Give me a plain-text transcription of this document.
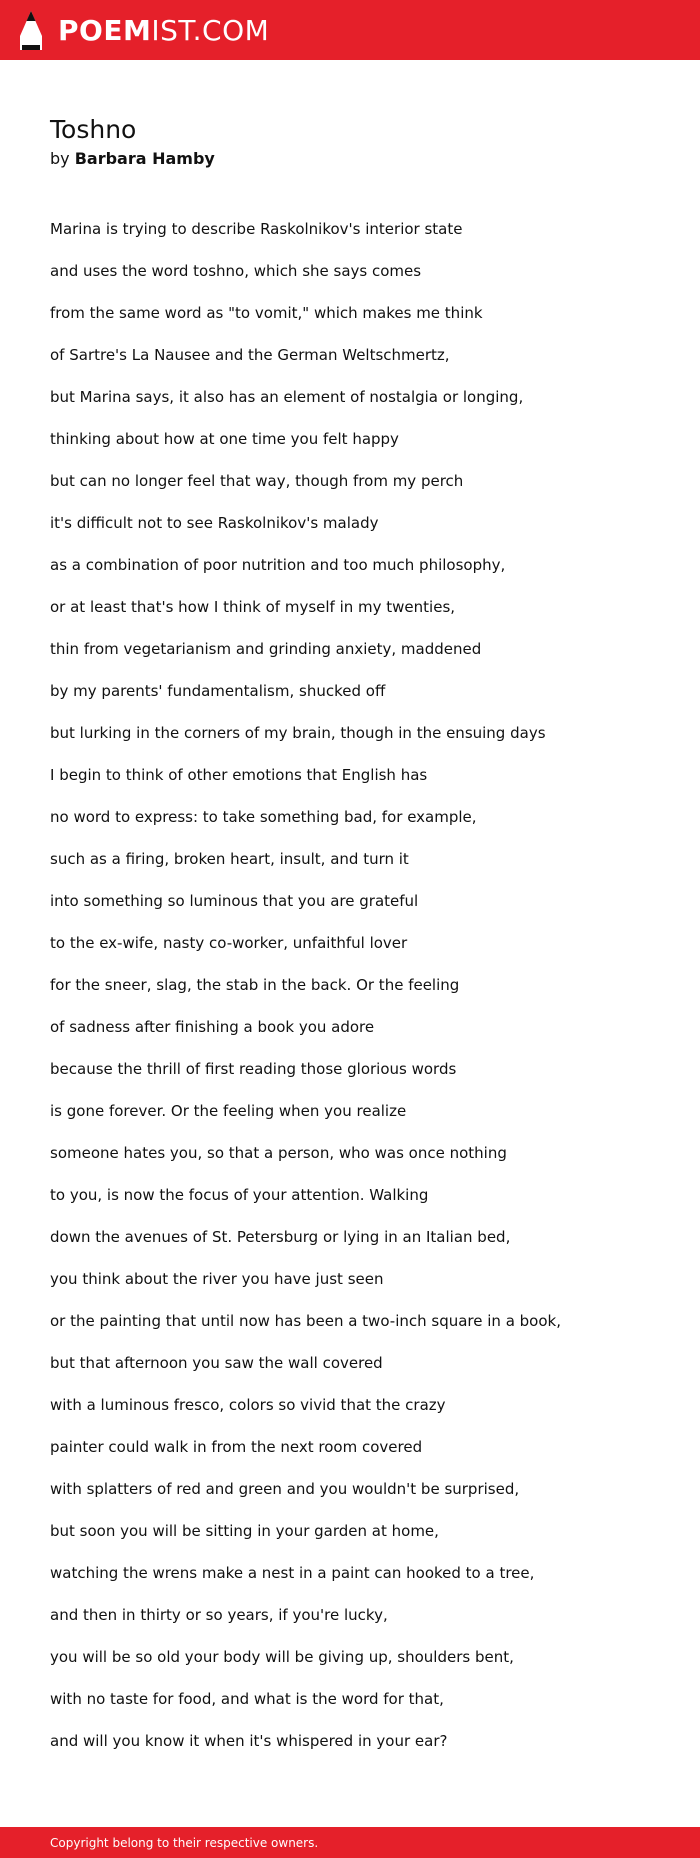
POEMIST.COM
Toshno

by Barbara Hamby

Marina is trying to describe Raskolnikov's interior state
and uses the word toshno, which she says comes
from the same word as "to vomit," which makes me think
of Sartre's La Nausee and the German Weltschmertz,
but Marina says, it also has an element of nostalgia or longing,
thinking about how at one time you felt happy
but can no longer feel that way, though from my perch
it's difficult not to see Raskolnikov's malady
as a combination of poor nutrition and too much philosophy,
or at least that's how I think of myself in my twenties,
thin from vegetarianism and grinding anxiety, maddened
by my parents' fundamentalism, shucked off
but lurking in the corners of my brain, though in the ensuing days
I begin to think of other emotions that English has
no word to express: to take something bad, for example,
such as a firing, broken heart, insult, and turn it
into something so luminous that you are grateful
to the ex-wife, nasty co-worker, unfaithful lover
for the sneer, slag, the stab in the back. Or the feeling
of sadness after finishing a book you adore
because the thrill of first reading those glorious words
is gone forever. Or the feeling when you realize
someone hates you, so that a person, who was once nothing
to you, is now the focus of your attention. Walking
down the avenues of St. Petersburg or lying in an Italian bed,
you think about the river you have just seen
or the painting that until now has been a two-inch square in a book,
but that afternoon you saw the wall covered
with a luminous fresco, colors so vivid that the crazy
painter could walk in from the next room covered
with splatters of red and green and you wouldn't be surprised,
but soon you will be sitting in your garden at home,
watching the wrens make a nest in a paint can hooked to a tree,
and then in thirty or so years, if you're lucky,
you will be so old your body will be giving up, shoulders bent,
with no taste for food, and what is the word for that,
and will you know it when it's whispered in your ear?
Copyright belong to their respective owners.
